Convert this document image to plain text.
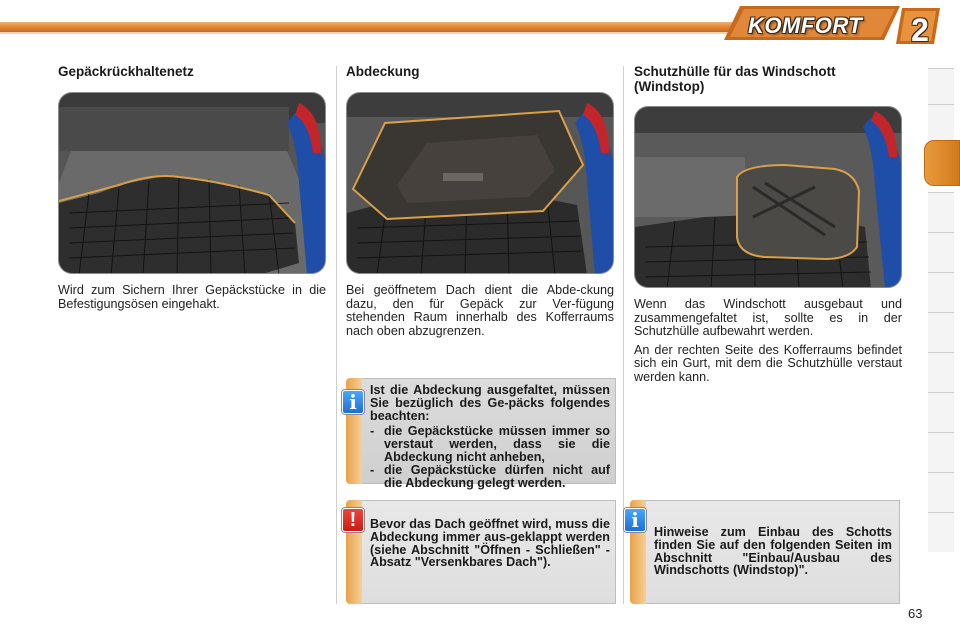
KOMFORT	2
Gepäckrückhaltenetz
Wird zum Sichern Ihrer Gepäckstücke in die Befestigungsösen eingehakt.
Abdeckung
Bei geöffnetem Dach dient die Abde-ckung dazu, den für Gepäck zur Ver-fügung stehenden Raum innerhalb des Kofferraums nach oben abzugrenzen.
Schutzhülle für das Windschott (Windstop)

Wenn das Windschott ausgebaut und zusammengefaltet ist, sollte es in der Schutzhülle aufbewahrt werden.

An der rechten Seite des Kofferraums befindet sich ein Gurt, mit dem die Schutzhülle verstaut werden kann.

i	Ist die Abdeckung ausgefaltet, müssen Sie bezüglich des Ge-päcks folgendes beachten:
- die Gepäckstücke müssen immer so verstaut werden, dass sie die Abdeckung nicht anheben,
- die Gepäckstücke dürfen nicht auf die Abdeckung gelegt werden.
!	Bevor das Dach geöffnet wird, muss die Abdeckung immer aus-geklappt werden (siehe Abschnitt "Öffnen - Schließen" - Absatz "Versenkbares Dach").
i	Hinweise zum Einbau des Schotts finden Sie auf den folgenden Seiten im Abschnitt "Einbau/Ausbau des Windschotts (Windstop)".
63
